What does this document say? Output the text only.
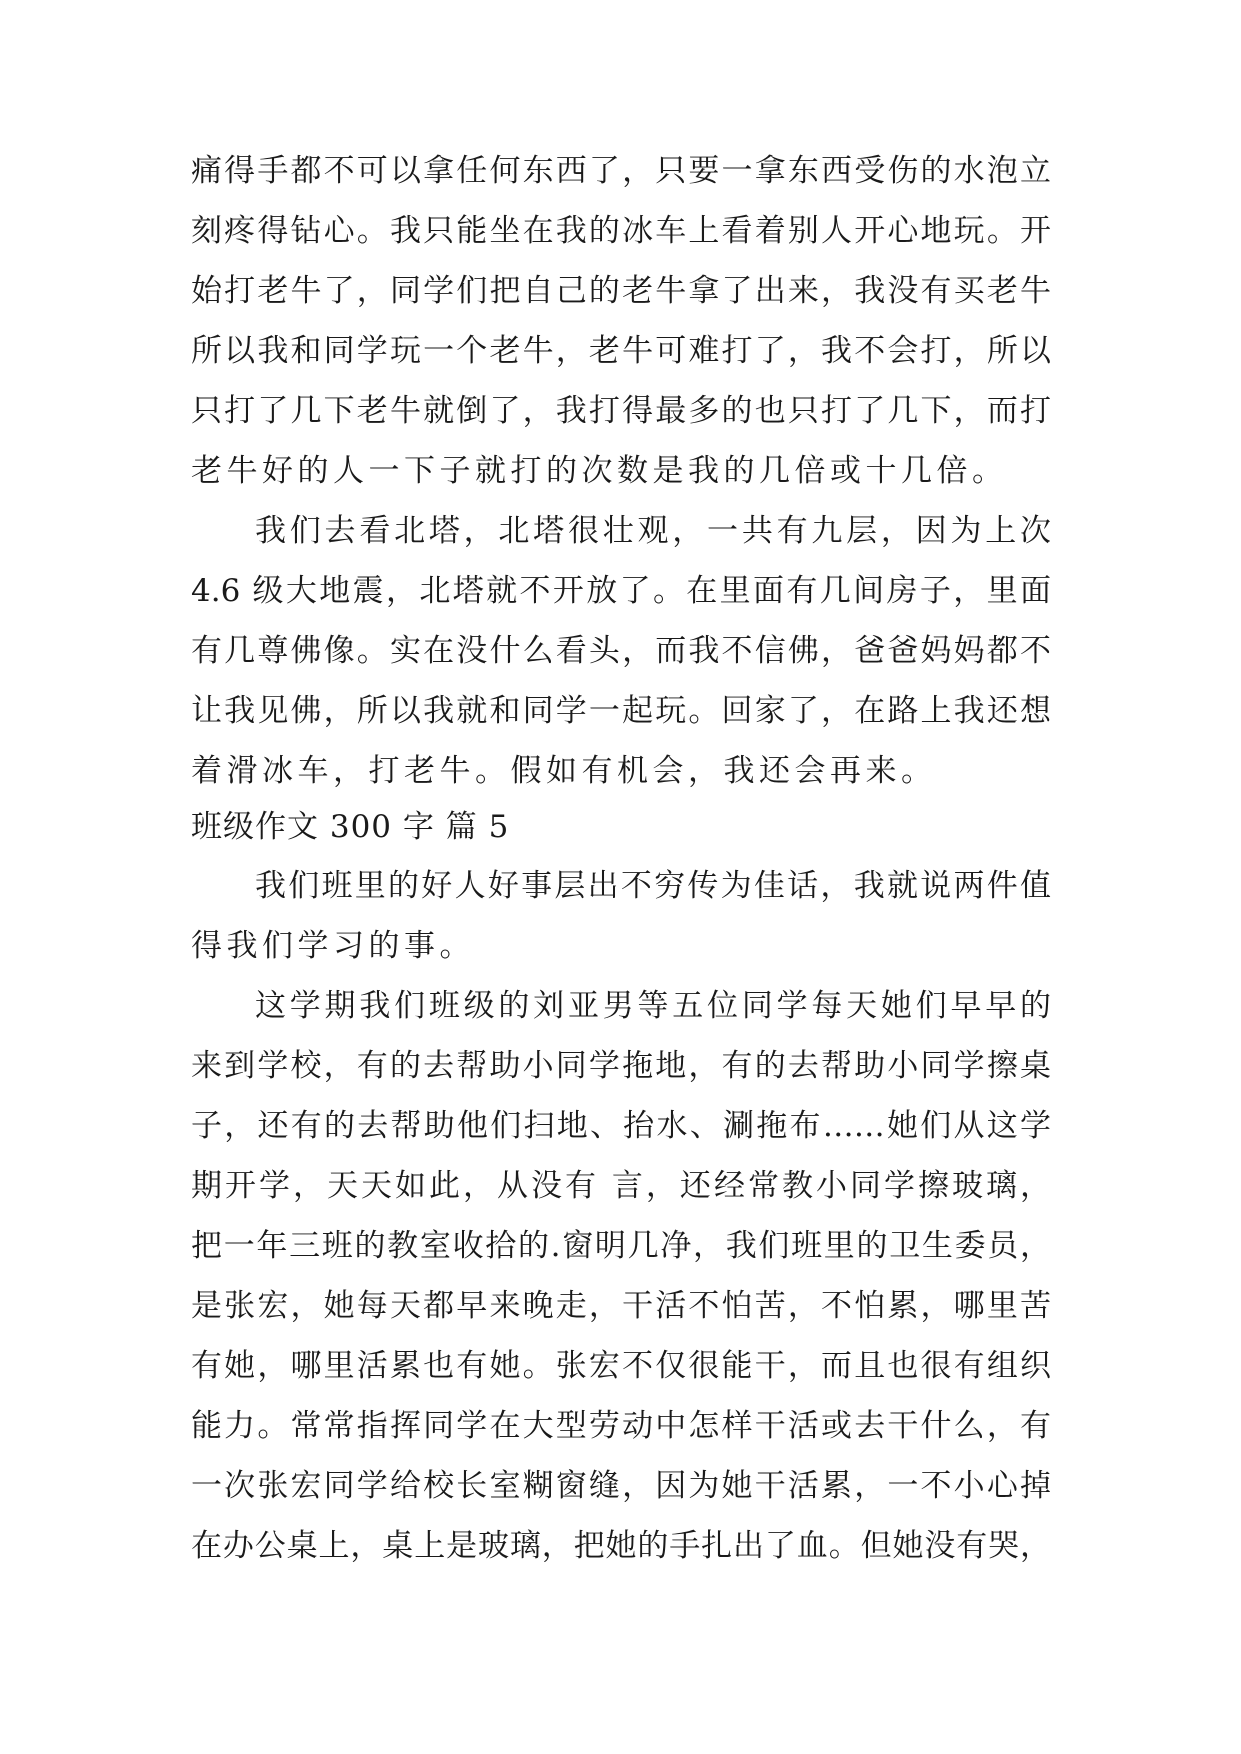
痛得手都不可以拿任何东西了，只要一拿东西受伤的水泡立
刻疼得钻心。我只能坐在我的冰车上看着别人开心地玩。开
始打老牛了，同学们把自己的老牛拿了出来，我没有买老牛
所以我和同学玩一个老牛，老牛可难打了，我不会打，所以
只打了几下老牛就倒了，我打得最多的也只打了几下，而打
老牛好的人一下子就打的次数是我的几倍或十几倍。
我们去看北塔，北塔很壮观，一共有九层，因为上次
4.6 级大地震，北塔就不开放了。在里面有几间房子，里面
有几尊佛像。实在没什么看头，而我不信佛，爸爸妈妈都不
让我见佛，所以我就和同学一起玩。回家了，在路上我还想
着滑冰车，打老牛。假如有机会，我还会再来。
班级作文 300 字 篇 5
我们班里的好人好事层出不穷传为佳话，我就说两件值
得我们学习的事。
这学期我们班级的刘亚男等五位同学每天她们早早的
来到学校，有的去帮助小同学拖地，有的去帮助小同学擦桌
子，还有的去帮助他们扫地、抬水、涮拖布……她们从这学
期开学，天天如此，从没有 言，还经常教小同学擦玻璃，
把一年三班的教室收拾的.窗明几净，我们班里的卫生委员，
是张宏，她每天都早来晚走，干活不怕苦，不怕累，哪里苦
有她，哪里活累也有她。张宏不仅很能干，而且也很有组织
能力。常常指挥同学在大型劳动中怎样干活或去干什么，有
一次张宏同学给校长室糊窗缝，因为她干活累，一不小心掉
在办公桌上，桌上是玻璃，把她的手扎出了血。但她没有哭，
